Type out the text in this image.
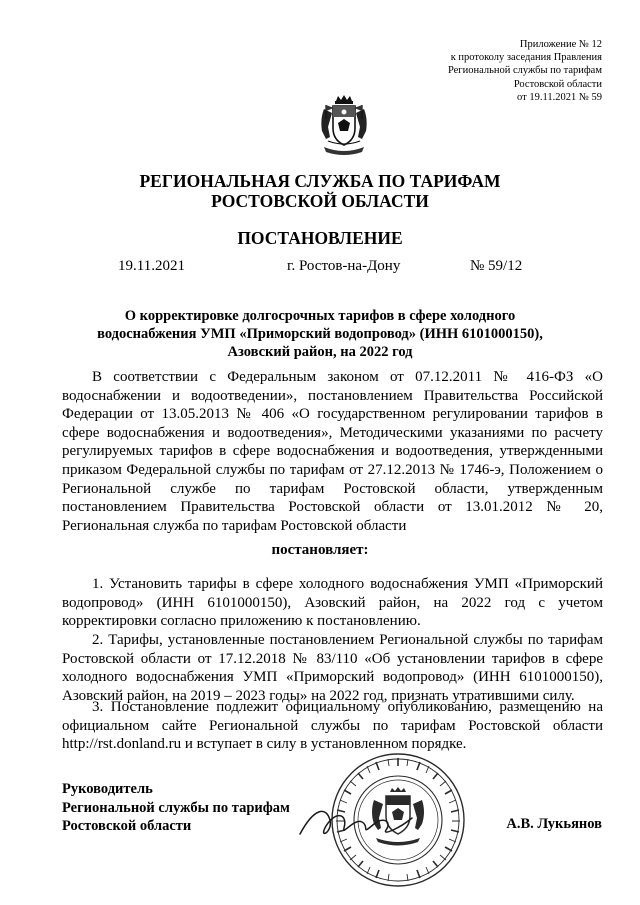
Приложение № 12
к протоколу заседания Правления
Региональной службы по тарифам
Ростовской области
от 19.11.2021 № 59
РЕГИОНАЛЬНАЯ СЛУЖБА ПО ТАРИФАМ
РОСТОВСКОЙ ОБЛАСТИ
ПОСТАНОВЛЕНИЕ
19.11.2021	г. Ростов-на-Дону	№ 59/12
О корректировке долгосрочных тарифов в сфере холодного
водоснабжения УМП «Приморский водопровод» (ИНН 6101000150),
Азовский район, на 2022 год

В соответствии с Федеральным законом от 07.12.2011 № 416-ФЗ «О водоснабжении и водоотведении», постановлением Правительства Российской Федерации от 13.05.2013 № 406 «О государственном регулировании тарифов в сфере водоснабжения и водоотведения», Методическими указаниями по расчету регулируемых тарифов в сфере водоснабжения и водоотведения, утвержденными приказом Федеральной службы по тарифам от 27.12.2013 № 1746-э, Положением о Региональной службе по тарифам Ростовской области, утвержденным постановлением Правительства Ростовской области от 13.01.2012 № 20, Региональная служба по тарифам Ростовской области

постановляет:

1. Установить тарифы в сфере холодного водоснабжения УМП «Приморский водопровод» (ИНН 6101000150), Азовский район, на 2022 год с учетом корректировки согласно приложению к постановлению.

2. Тарифы, установленные постановлением Региональной службы по тарифам Ростовской области от 17.12.2018 № 83/110 «Об установлении тарифов в сфере холодного водоснабжения УМП «Приморский водопровод» (ИНН 6101000150), Азовский район, на 2019 – 2023 годы» на 2022 год, признать утратившими силу.

3. Постановление подлежит официальному опубликованию, размещению на официальном сайте Региональной службы по тарифам Ростовской области http://rst.donland.ru и вступает в силу в установленном порядке.

Руководитель
Региональной службы по тарифам
Ростовской области	А.В. Лукьянов
